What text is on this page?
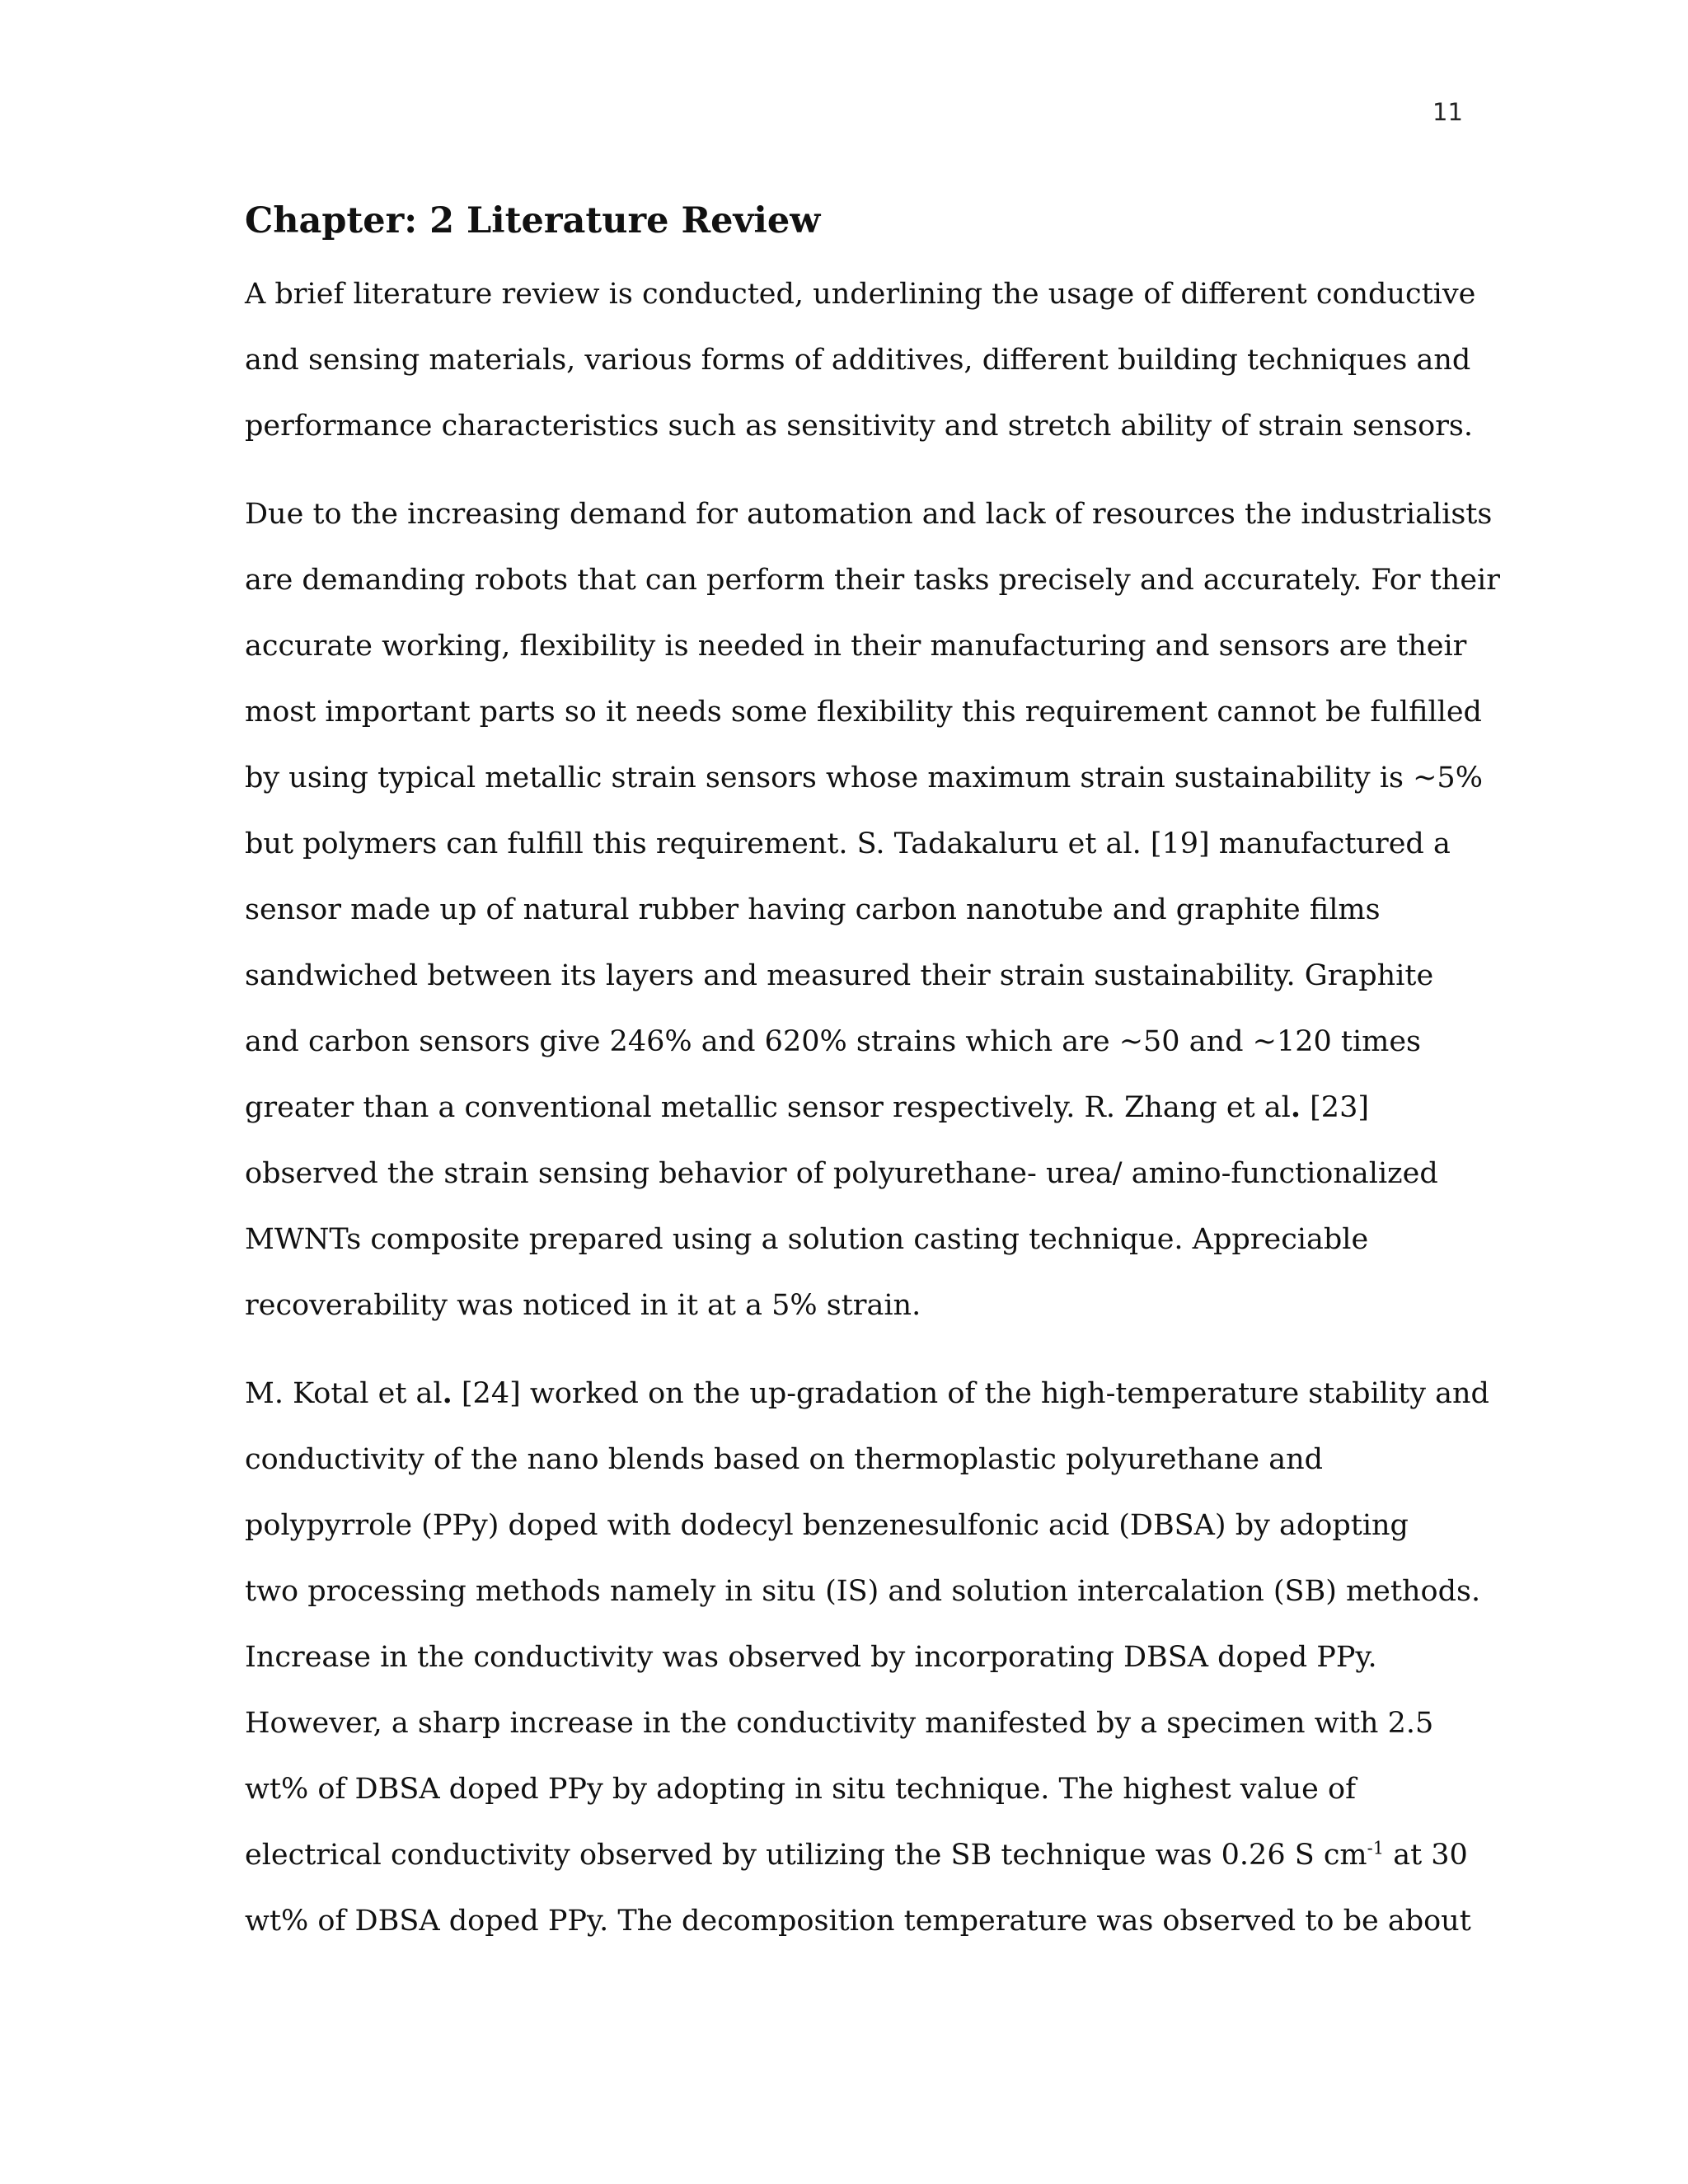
11
Chapter: 2 Literature Review

A brief literature review is conducted, underlining the usage of different conductive
and sensing materials, various forms of additives, different building techniques and
performance characteristics such as sensitivity and stretch ability of strain sensors.

Due to the increasing demand for automation and lack of resources the industrialists
are demanding robots that can perform their tasks precisely and accurately. For their
accurate working, flexibility is needed in their manufacturing and sensors are their
most important parts so it needs some flexibility this requirement cannot be fulfilled
by using typical metallic strain sensors whose maximum strain sustainability is ~5%
but polymers can fulfill this requirement. S. Tadakaluru et al. [19] manufactured a
sensor made up of natural rubber having carbon nanotube and graphite films
sandwiched between its layers and measured their strain sustainability. Graphite
and carbon sensors give 246% and 620% strains which are ~50 and ~120 times
greater than a conventional metallic sensor respectively. R. Zhang et al. [23]
observed the strain sensing behavior of polyurethane- urea/ amino-functionalized
MWNTs composite prepared using a solution casting technique. Appreciable
recoverability was noticed in it at a 5% strain.

M. Kotal et al. [24] worked on the up-gradation of the high-temperature stability and
conductivity of the nano blends based on thermoplastic polyurethane and
polypyrrole (PPy) doped with dodecyl benzenesulfonic acid (DBSA) by adopting
two processing methods namely in situ (IS) and solution intercalation (SB) methods.
Increase in the conductivity was observed by incorporating DBSA doped PPy.
However, a sharp increase in the conductivity manifested by a specimen with 2.5
wt% of DBSA doped PPy by adopting in situ technique. The highest value of
electrical conductivity observed by utilizing the SB technique was 0.26 S $cm^{-1}$ at 30
wt% of DBSA doped PPy. The decomposition temperature was observed to be about
